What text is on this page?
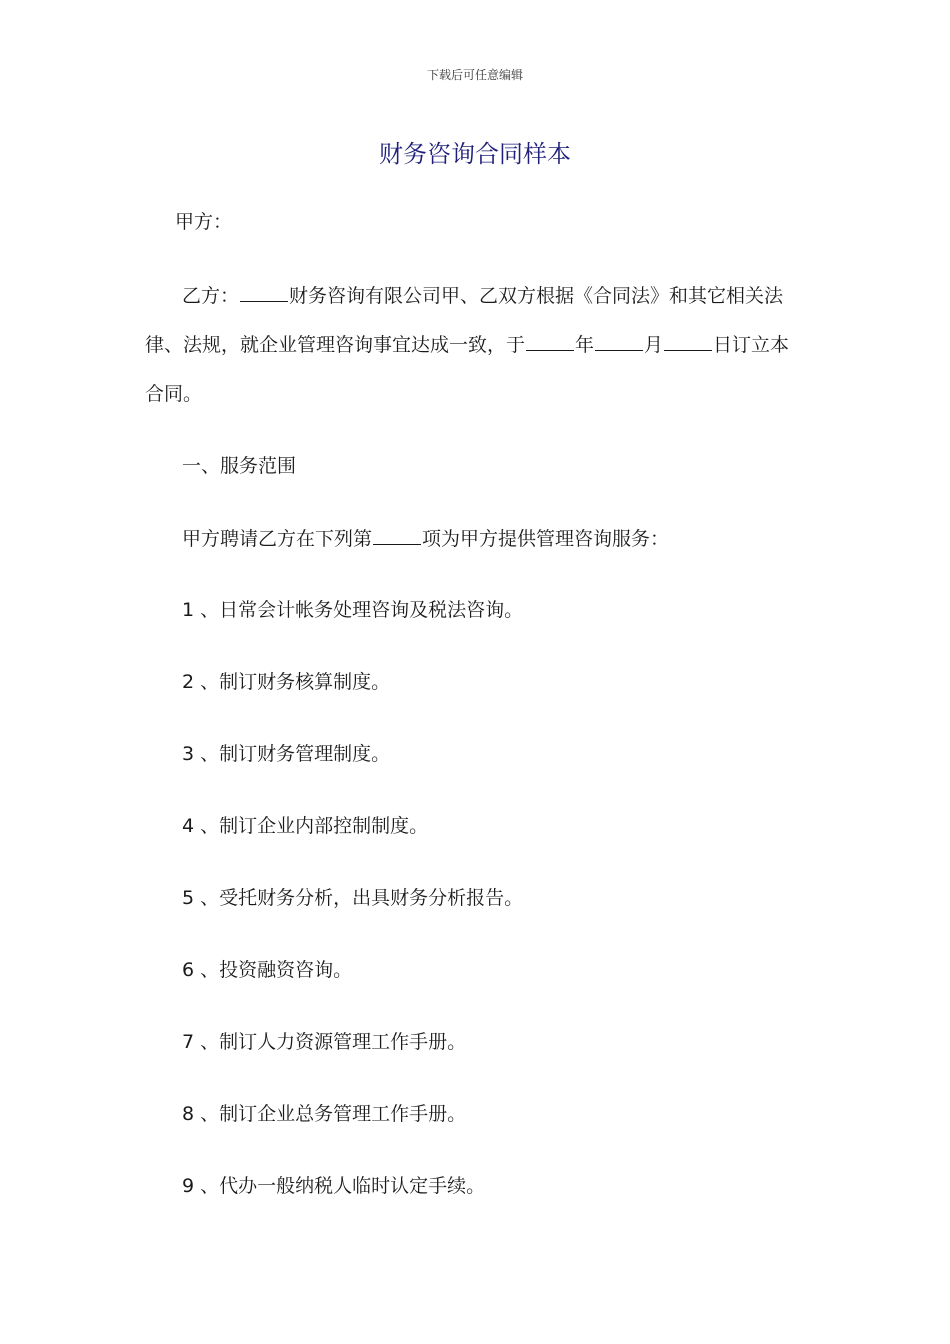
下载后可任意编辑
财务咨询合同样本
甲方：
乙方：	财务咨询有限公司甲、乙双方根据《合同法》和其它相关法
律、法规，就企业管理咨询事宜达成一致，于	年	月	日订立本
合同。
一、服务范围
甲方聘请乙方在下列第	项为甲方提供管理咨询服务：
1 、日常会计帐务处理咨询及税法咨询。
2 、制订财务核算制度。
3 、制订财务管理制度。
4 、制订企业内部控制制度。
5 、受托财务分析，出具财务分析报告。
6 、投资融资咨询。
7 、制订人力资源管理工作手册。
8 、制订企业总务管理工作手册。
9 、代办一般纳税人临时认定手续。
